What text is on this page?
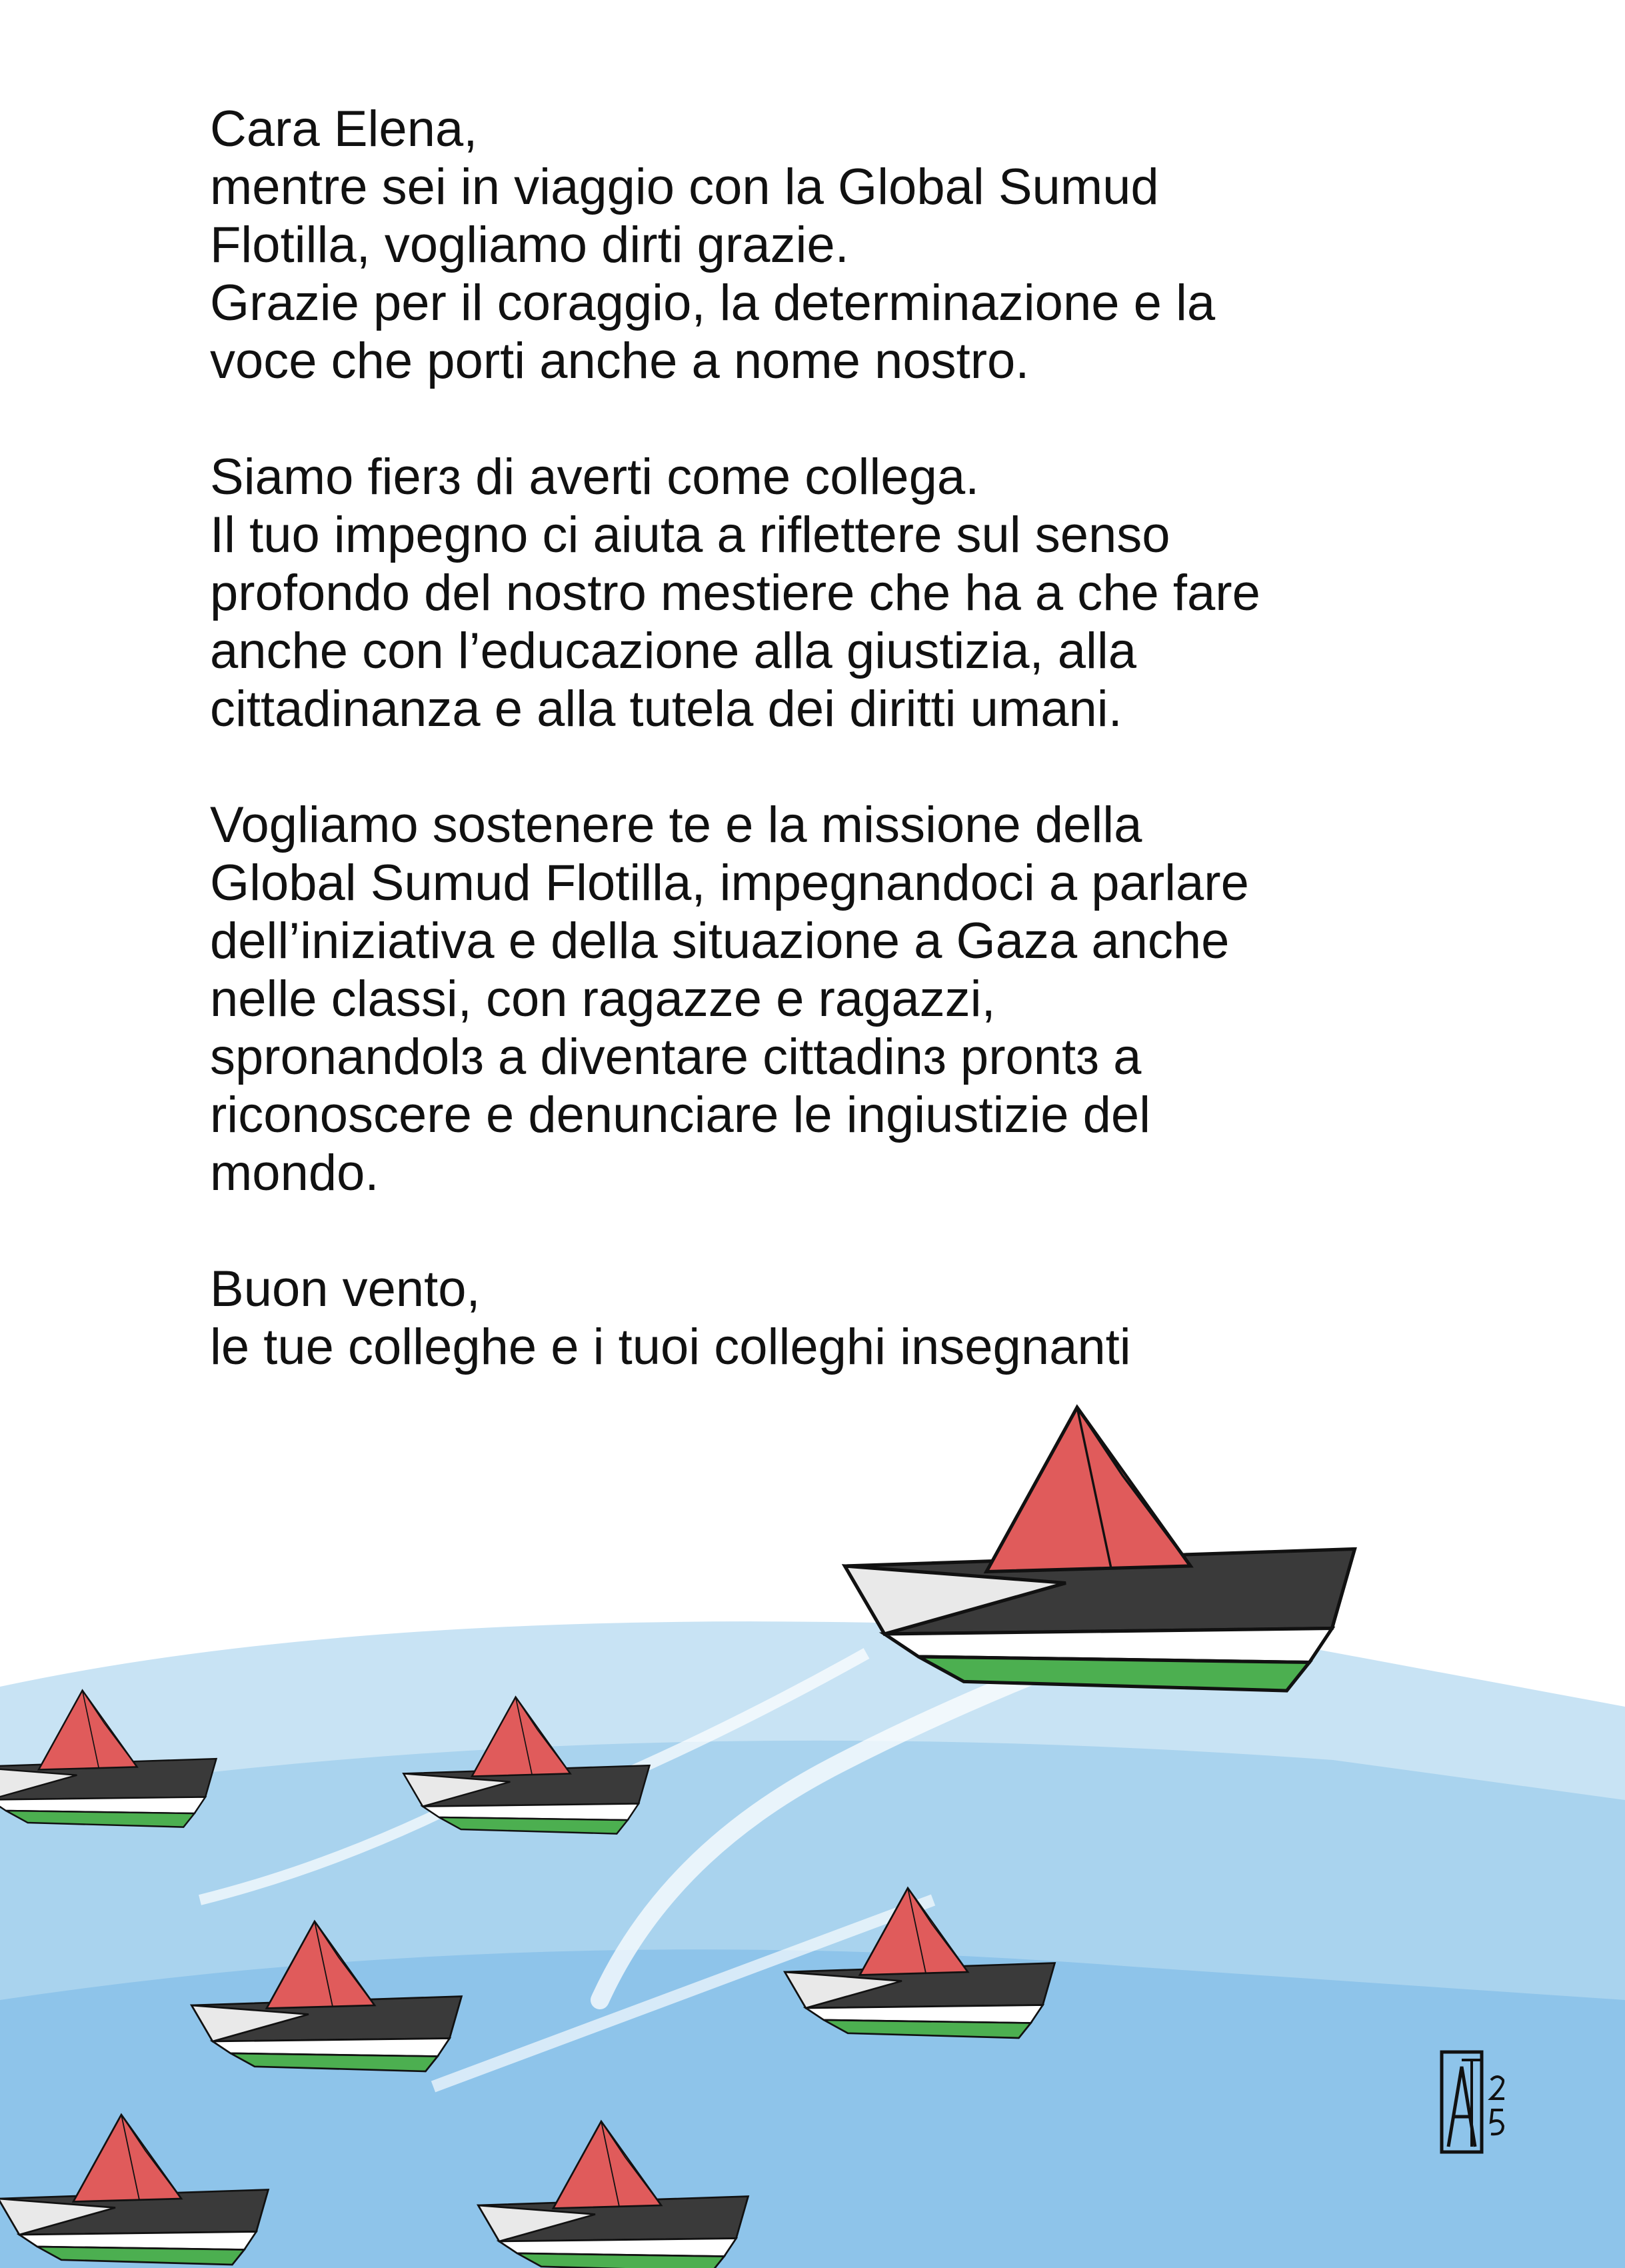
Cara Elena,
mentre sei in viaggio con la Global Sumud
Flotilla, vogliamo dirti grazie.
Grazie per il coraggio, la determinazione e la
voce che porti anche a nome nostro.

Siamo fierɜ di averti come collega.
Il tuo impegno ci aiuta a riflettere sul senso
profondo del nostro mestiere che ha a che fare
anche con l’educazione alla giustizia, alla
cittadinanza e alla tutela dei diritti umani.

Vogliamo sostenere te e la missione della
Global Sumud Flotilla, impegnandoci a parlare
dell’iniziativa e della situazione a Gaza anche
nelle classi, con ragazze e ragazzi,
spronandolɜ a diventare cittadinɜ prontɜ a
riconoscere e denunciare le ingiustizie del
mondo.

Buon vento,
le tue colleghe e i tuoi colleghi insegnanti
